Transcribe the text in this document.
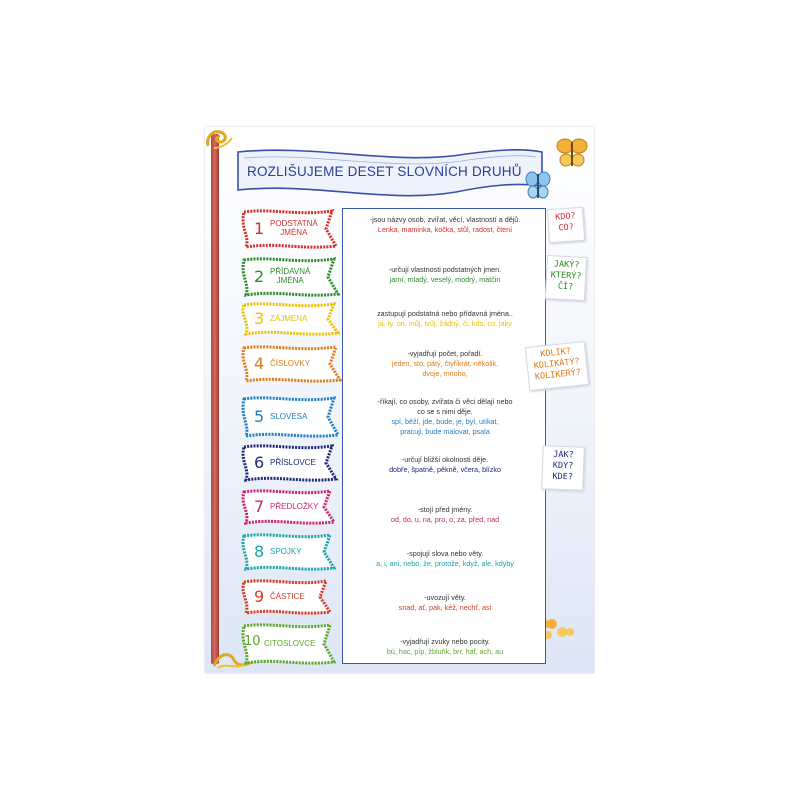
ROZLIŠUJEME DESET SLOVNÍCH DRUHŮ
1 PODSTATNÁ
JMÉNA
2 PŘÍDAVNÁ
JMÉNA
3 ZÁJMENA
4 ČÍSLOVKY
5 SLOVESA
6 PŘÍSLOVCE
7 PŘEDLOŽKY
8 SPOJKY
9 ČÁSTICE
10 CITOSLOVCE
-jsou názvy osob, zvířat, věcí, vlastností a dějů.
Lenka, maminka, kočka, stůl, radost, čtení
-určují vlastnosti podstatných jmen.
jarní, mladý, veselý, modrý, matčin
zastupují podstatná nebo přídavná jména..
já, ty, on, můj, tvůj, žádný, či, kdo, co, jaký
-vyjadřují počet, pořadí.
jeden, sto, pátý, čtyřikrát, několik,
dvoje, mnoho,
-říkají, co osoby, zvířata či věci dělají nebo
co se s nimi děje.
spí, běží, jde, bude, je, byl, utíkat,
pracuji, bude malovat, psala
-určují bližší okolnosti děje.
dobře, špatně, pěkně, včera, blízko
-stojí před jmény.
od, do, u, na, pro, o, za, před, nad
-spojují slova nebo věty.
a, i, ani, nebo, že, protože, když, ale, kdyby
-uvozují věty.
snad, ať, pak, kéž, nechť, asi
-vyjadřují zvuky nebo pocity.
bú, hac, píp, žbluňk, brr, haf, ach, au
KDO?
CO?
JAKÝ?
KTERÝ?
ČÍ?
KOLIK?
KOLIKÁTÝ?
KOLIKERÝ?
JAK?
KDY?
KDE?
